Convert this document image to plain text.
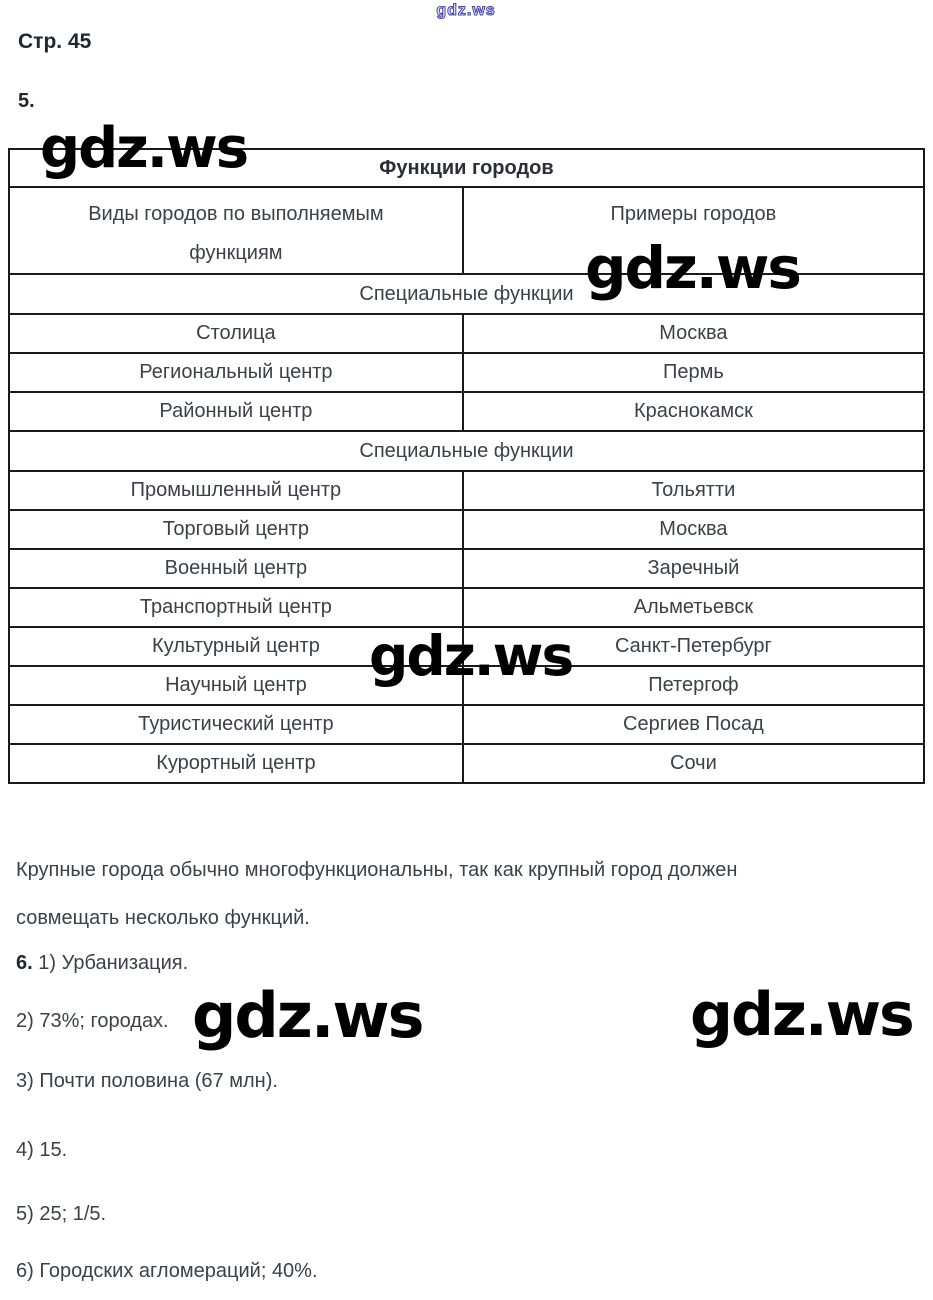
gdz.ws
Стр. 45
5.
Функции городов	

Виды городов по выполняемым
функциям	Примеры городов
Специальные функции	
Столица	Москва
Региональный центр	Пермь
Районный центр	Краснокамск
Специальные функции	
Промышленный центр	Тольятти
Торговый центр	Москва
Военный центр	Заречный
Транспортный центр	Альметьевск
Культурный центр	Санкт-Петербург
Научный центр	Петергоф
Туристический центр	Сергиев Посад
Курортный центр	Сочи
gdz.ws
gdz.ws
gdz.ws
gdz.ws	gdz.ws
Крупные города обычно многофункциональны, так как крупный город должен
совмещать несколько функций.
6. 1) Урбанизация.
2) 73%; городах.
3) Почти половина (67 млн).
4) 15.
5) 25; 1/5.
6) Городских агломераций; 40%.
